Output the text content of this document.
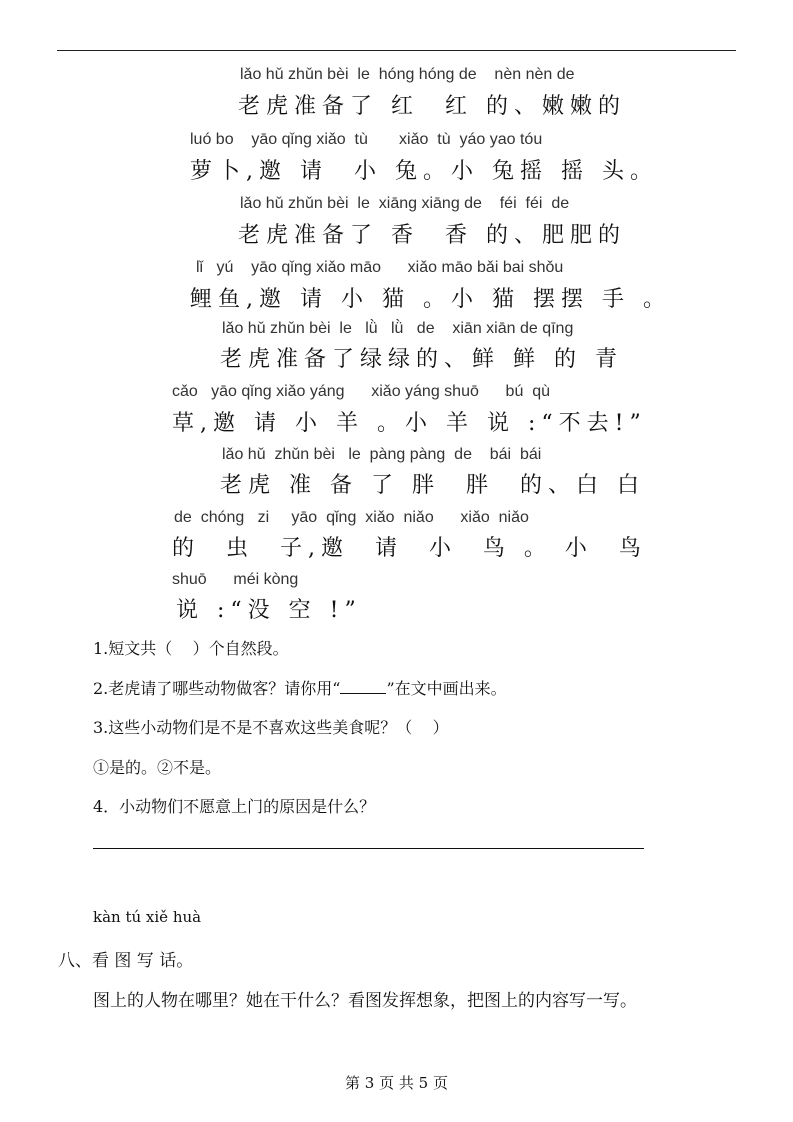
lǎo hǔ zhǔn bèi  le  hóng hóng de    nèn nèn de
老虎准备了 红  红 的、嫩嫩的
luó bo    yāo qǐng xiǎo  tù       xiǎo  tù  yáo yao tóu
萝卜,邀 请  小 兔。小 兔摇 摇 头。
lǎo hǔ zhǔn bèi  le  xiāng xiāng de    féi  féi  de
老虎准备了 香  香 的、肥肥的
lǐ   yú    yāo qǐng xiǎo māo      xiǎo māo bǎi bai shǒu
鲤鱼,邀 请 小 猫 。小 猫 摆摆 手 。
lǎo hǔ zhǔn bèi  le   lǜ   lǜ   de    xiān xiān de qīng
老虎准备了绿绿的、鲜 鲜 的 青
cǎo   yāo qǐng xiǎo yáng      xiǎo yáng shuō      bú  qù
草,邀 请 小 羊 。小 羊 说 :“不去!”
lǎo hǔ  zhǔn bèi   le  pàng pàng  de    bái  bái
老虎 准 备 了 胖  胖  的、白 白
de  chóng   zi     yāo  qǐng  xiǎo  niǎo      xiǎo  niǎo
的  虫  子,邀  请  小  鸟 。 小  鸟
shuō      méi kòng
说 :“没 空 !”
1.短文共（    ）个自然段。
2.老虎请了哪些动物做客？请你用“	”在文中画出来。
3.这些小动物们是不是不喜欢这些美食呢？（    ）
①是的。②不是。
4．小动物们不愿意上门的原因是什么？
kàn tú xiě huà
八、看 图 写 话。
图上的人物在哪里？她在干什么？看图发挥想象，把图上的内容写一写。
第 3 页 共 5 页
